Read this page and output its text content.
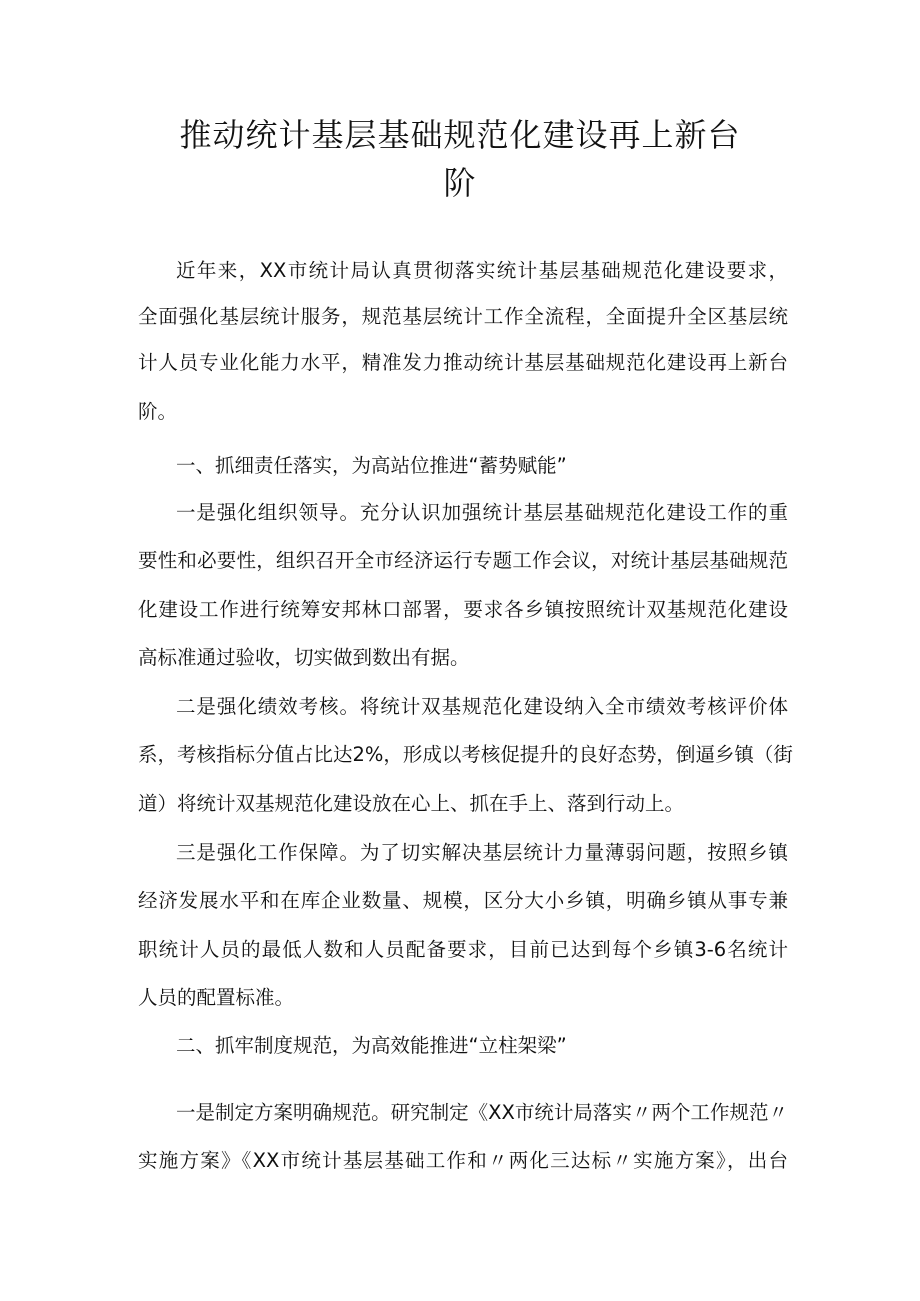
推动统计基层基础规范化建设再上新台
阶
近年来，XX市统计局认真贯彻落实统计基层基础规范化建设要求，
全面强化基层统计服务，规范基层统计工作全流程，全面提升全区基层统
计人员专业化能力水平，精准发力推动统计基层基础规范化建设再上新台
阶。
一、抓细责任落实，为高站位推进“蓄势赋能”
一是强化组织领导。充分认识加强统计基层基础规范化建设工作的重
要性和必要性，组织召开全市经济运行专题工作会议，对统计基层基础规范
化建设工作进行统筹安邦林口部署，要求各乡镇按照统计双基规范化建设
高标准通过验收，切实做到数出有据。
二是强化绩效考核。将统计双基规范化建设纳入全市绩效考核评价体
系，考核指标分值占比达2%，形成以考核促提升的良好态势，倒逼乡镇（街
道）将统计双基规范化建设放在心上、抓在手上、落到行动上。
三是强化工作保障。为了切实解决基层统计力量薄弱问题，按照乡镇
经济发展水平和在库企业数量、规模，区分大小乡镇，明确乡镇从事专兼
职统计人员的最低人数和人员配备要求，目前已达到每个乡镇3-6名统计
人员的配置标准。
二、抓牢制度规范，为高效能推进“立柱架梁”
一是制定方案明确规范。研究制定《XX市统计局落实〃两个工作规范〃
实施方案》《XX市统计基层基础工作和〃两化三达标〃实施方案》，出台
